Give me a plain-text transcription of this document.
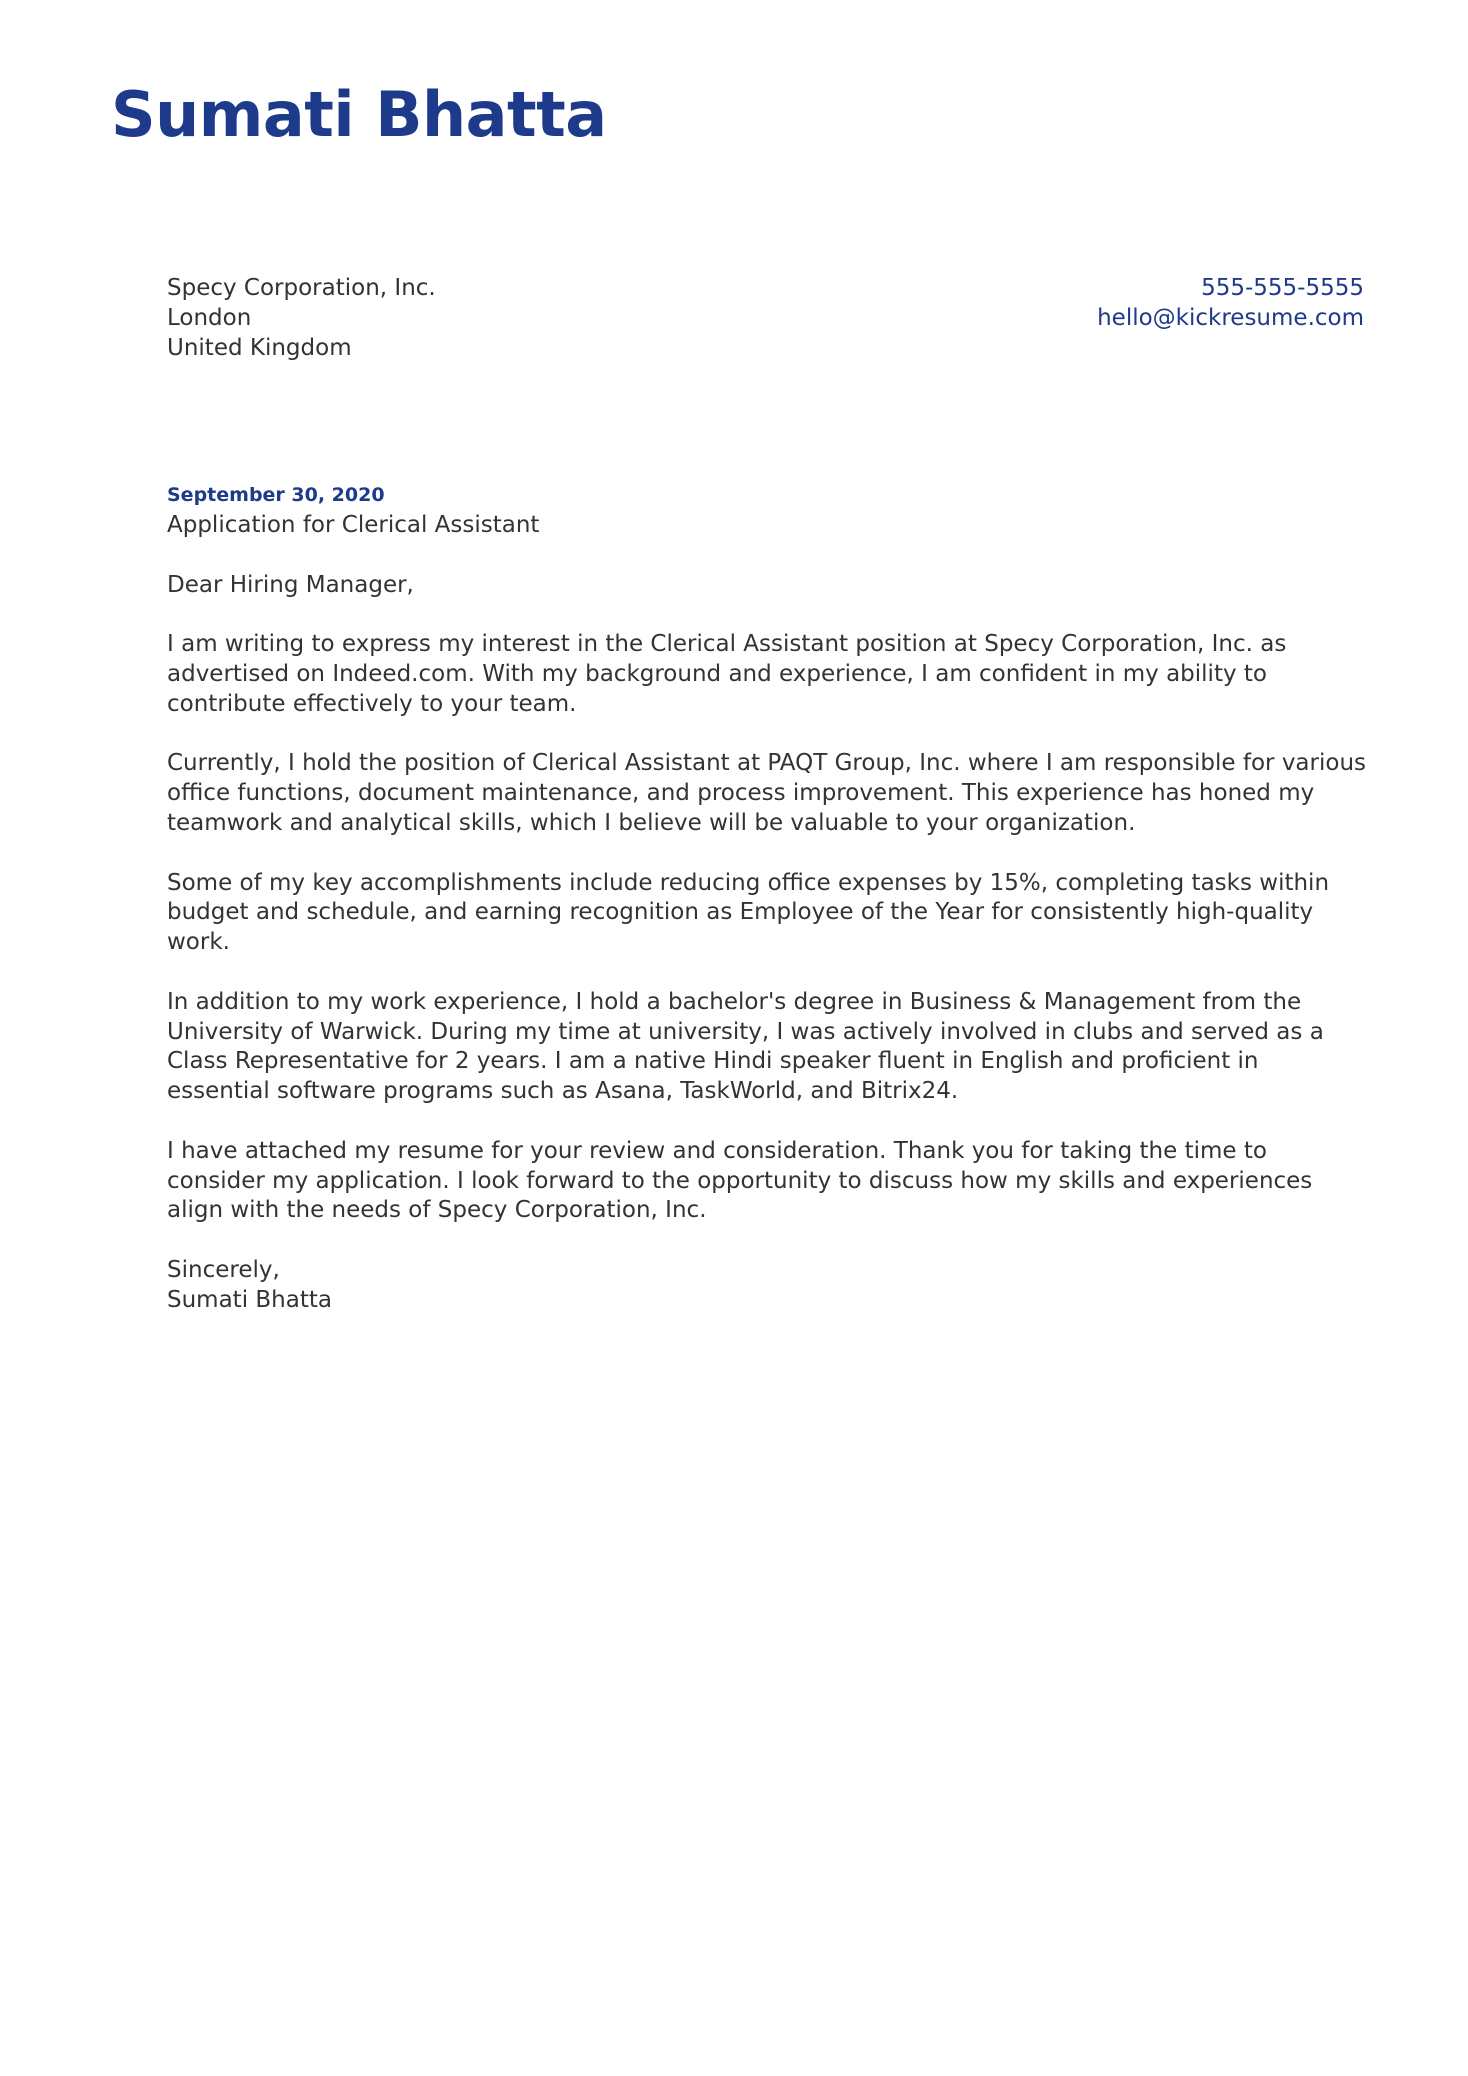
Sumati Bhatta
Specy Corporation, Inc.
London
United Kingdom
555-555-5555
hello@kickresume.com
September 30, 2020

Application for Clerical Assistant

Dear Hiring Manager,

I am writing to express my interest in the Clerical Assistant position at Specy Corporation, Inc. as advertised on Indeed.com. With my background and experience, I am confident in my ability to contribute effectively to your team.

Currently, I hold the position of Clerical Assistant at PAQT Group, Inc. where I am responsible for various office functions, document maintenance, and process improvement. This experience has honed my teamwork and analytical skills, which I believe will be valuable to your organization.

Some of my key accomplishments include reducing office expenses by 15%, completing tasks within budget and schedule, and earning recognition as Employee of the Year for consistently high-quality work.

In addition to my work experience, I hold a bachelor's degree in Business & Management from the University of Warwick. During my time at university, I was actively involved in clubs and served as a Class Representative for 2 years. I am a native Hindi speaker fluent in English and proficient in essential software programs such as Asana, TaskWorld, and Bitrix24.

I have attached my resume for your review and consideration. Thank you for taking the time to consider my application. I look forward to the opportunity to discuss how my skills and experiences align with the needs of Specy Corporation, Inc.

Sincerely,
Sumati Bhatta
